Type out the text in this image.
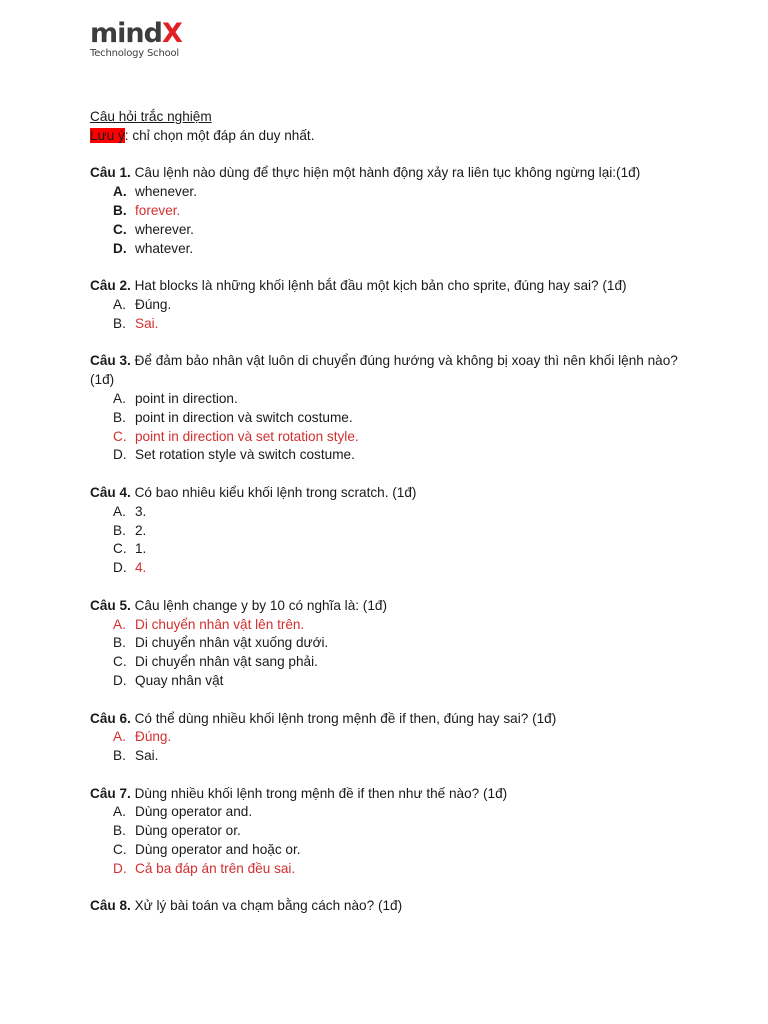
mindX
Technology School
Câu hỏi trắc nghiệm
Lưu ý: chỉ chọn một đáp án duy nhất.
Câu 1. Câu lệnh nào dùng để thực hiện một hành động xảy ra liên tục không ngừng lại:(1đ)
A. whenever.
B. forever.
C. wherever.
D. whatever.
Câu 2. Hat blocks là những khối lệnh bắt đầu một kịch bản cho sprite, đúng hay sai? (1đ)
A. Đúng.
B. Sai.
Câu 3. Để đảm bảo nhân vật luôn di chuyển đúng hướng và không bị xoay thì nên khối lệnh nào? (1đ)
A. point in direction.
B. point in direction và switch costume.
C. point in direction và set rotation style.
D. Set rotation style và switch costume.
Câu 4. Có bao nhiêu kiểu khối lệnh trong scratch. (1đ)
A. 3.
B. 2.
C. 1.
D. 4.
Câu 5. Câu lệnh change y by 10 có nghĩa là: (1đ)
A. Di chuyển nhân vật lên trên.
B. Di chuyển nhân vật xuống dưới.
C. Di chuyển nhân vật sang phải.
D. Quay nhân vật
Câu 6. Có thể dùng nhiều khối lệnh trong mệnh đề if then, đúng hay sai? (1đ)
A. Đúng.
B. Sai.
Câu 7. Dùng nhiều khối lệnh trong mệnh đề if then như thế nào? (1đ)
A. Dùng operator and.
B. Dùng operator or.
C. Dùng operator and hoặc or.
D. Cả ba đáp án trên đều sai.
Câu 8. Xử lý bài toán va chạm bằng cách nào? (1đ)
